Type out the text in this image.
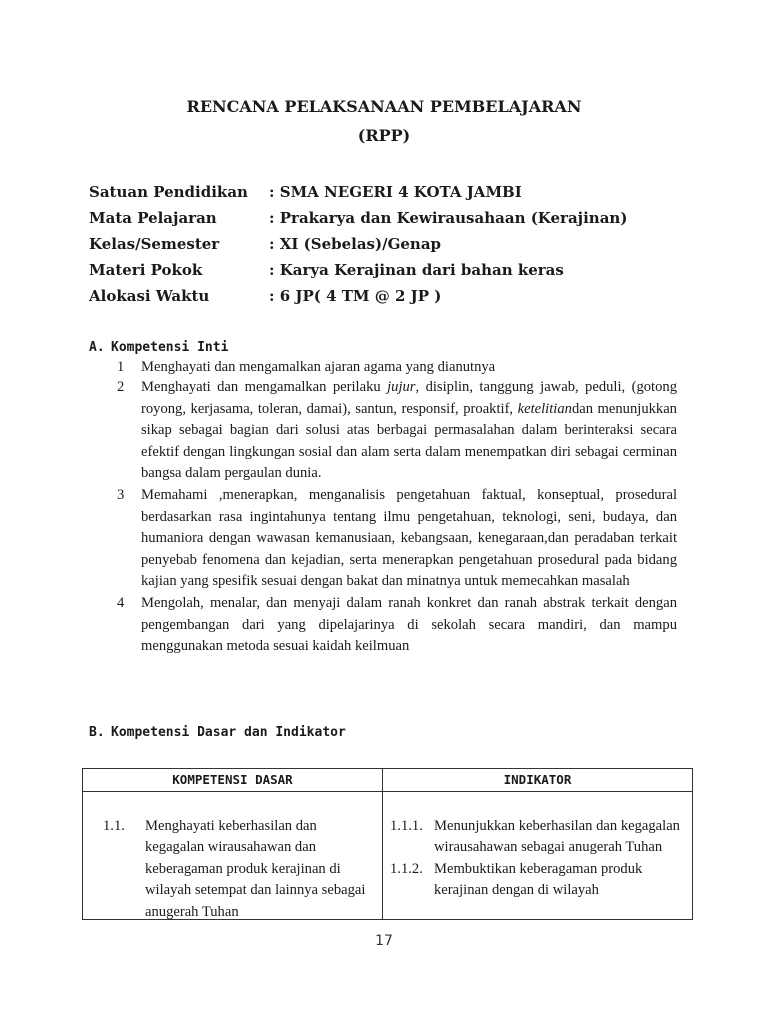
RENCANA PELAKSANAAN PEMBELAJARAN
(RPP)
Satuan Pendidikan : SMA NEGERI 4 KOTA JAMBI
Mata Pelajaran	: Prakarya dan Kewirausahaan (Kerajinan)
Kelas/Semester	: XI (Sebelas)/Genap
Materi Pokok	: Karya Kerajinan dari bahan keras
Alokasi Waktu	: 6 JP( 4 TM @ 2 JP )
A. Kompetensi Inti
1 Menghayati dan mengamalkan ajaran agama yang dianutnya
2 Menghayati dan mengamalkan perilaku jujur, disiplin, tanggung jawab, peduli, (gotong royong, kerjasama, toleran, damai), santun, responsif, proaktif, ketelitiandan menunjukkan sikap sebagai bagian dari solusi atas berbagai permasalahan dalam berinteraksi secara efektif dengan lingkungan sosial dan alam serta dalam menempatkan diri sebagai cerminan bangsa dalam pergaulan dunia.
3 Memahami ,menerapkan, menganalisis pengetahuan faktual, konseptual, prosedural berdasarkan rasa ingintahunya tentang ilmu pengetahuan, teknologi, seni, budaya, dan humaniora dengan wawasan kemanusiaan, kebangsaan, kenegaraan,dan peradaban terkait penyebab fenomena dan kejadian, serta menerapkan pengetahuan prosedural pada bidang kajian yang spesifik sesuai dengan bakat dan minatnya untuk memecahkan masalah
4 Mengolah, menalar, dan menyaji dalam ranah konkret dan ranah abstrak terkait dengan pengembangan dari yang dipelajarinya di sekolah secara mandiri, dan mampu menggunakan metoda sesuai kaidah keilmuan
B. Kompetensi Dasar dan Indikator
KOMPETENSI DASAR	INDIKATOR
1.1. Menghayati keberhasilan dan kegagalan wirausahawan dan keberagaman produk kerajinan di wilayah setempat dan lainnya sebagai anugerah Tuhan
1.1.1. Menunjukkan keberhasilan dan kegagalan wirausahawan sebagai anugerah Tuhan
1.1.2. Membuktikan keberagaman produk kerajinan dengan di wilayah
17
